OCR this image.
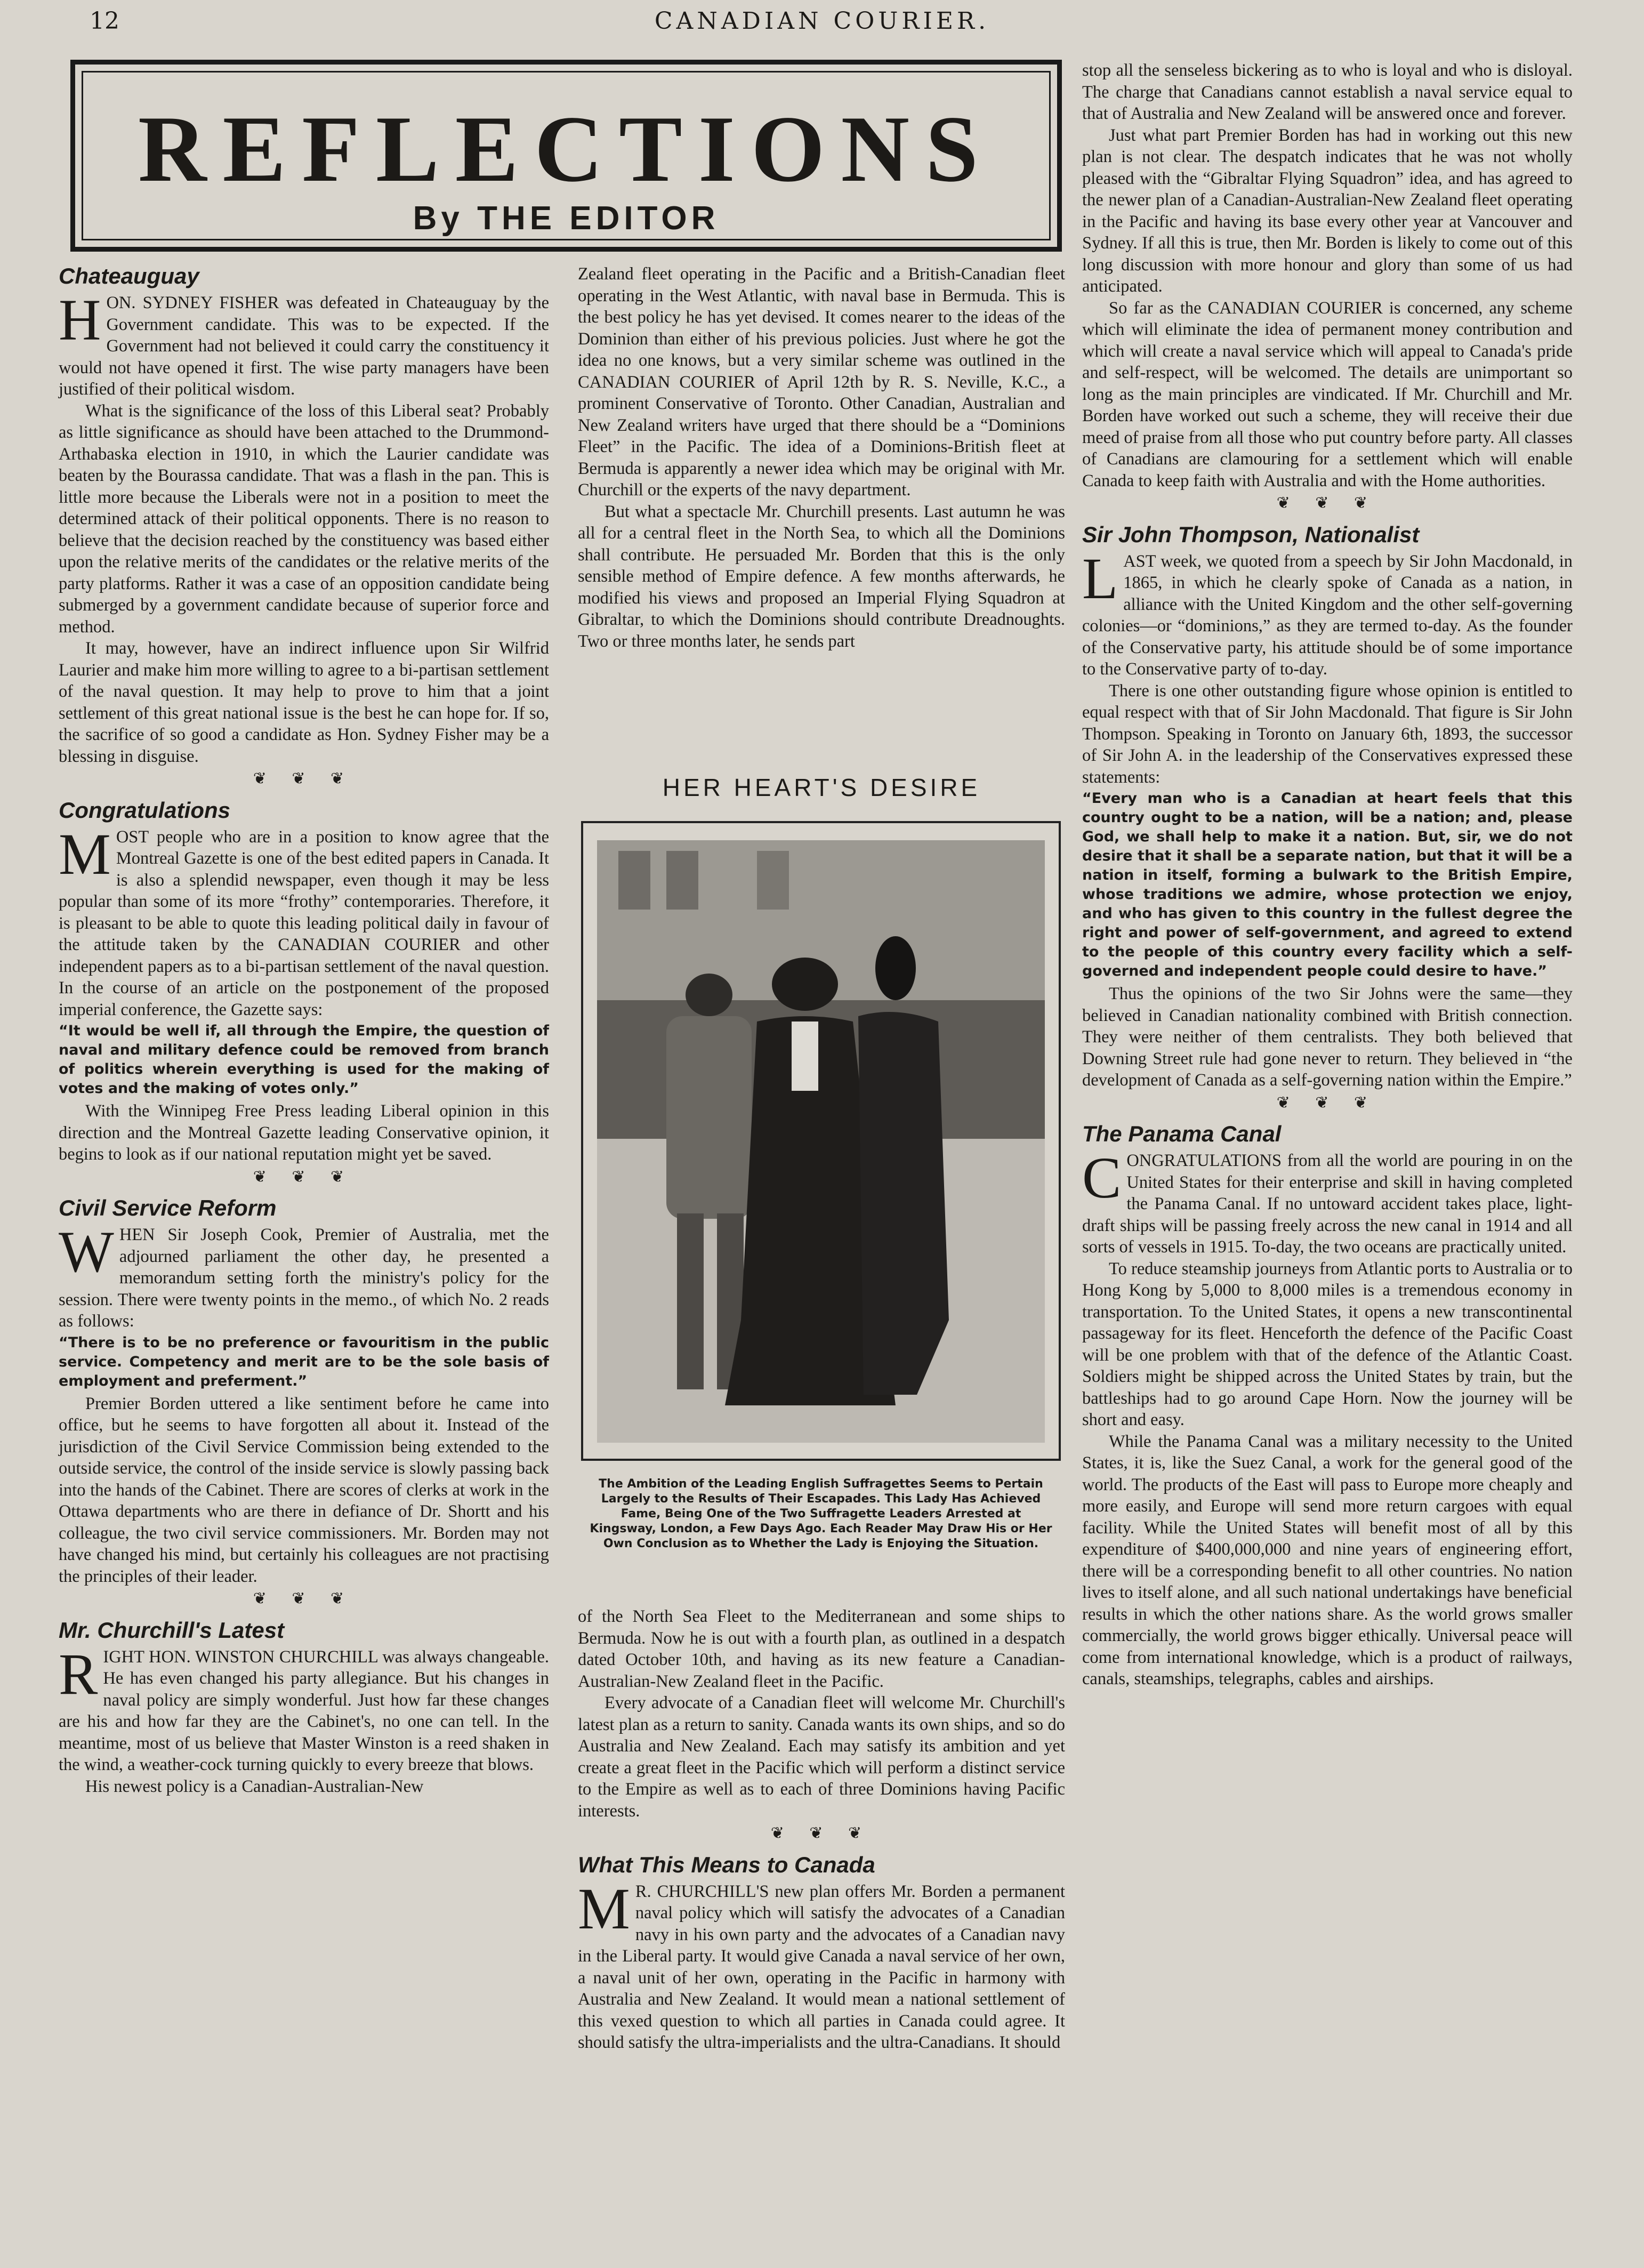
12	CANADIAN COURIER.
REFLECTIONS
By THE EDITOR
Chateauguay

HON. SYDNEY FISHER was defeated in Chateauguay by the Government candidate. This was to be expected. If the Government had not believed it could carry the constituency it would not have opened it first. The wise party managers have been justified of their political wisdom.

What is the significance of the loss of this Liberal seat? Probably as little significance as should have been attached to the Drummond-Arthabaska election in 1910, in which the Laurier candidate was beaten by the Bourassa candidate. That was a flash in the pan. This is little more because the Liberals were not in a position to meet the determined attack of their political opponents. There is no reason to believe that the decision reached by the constituency was based either upon the relative merits of the candidates or the relative merits of the party platforms. Rather it was a case of an opposition candidate being submerged by a government candidate because of superior force and method.

It may, however, have an indirect influence upon Sir Wilfrid Laurier and make him more willing to agree to a bi-partisan settlement of the naval question. It may help to prove to him that a joint settlement of this great national issue is the best he can hope for. If so, the sacrifice of so good a candidate as Hon. Sydney Fisher may be a blessing in disguise.

❦ ❦ ❦
Congratulations

MOST people who are in a position to know agree that the Montreal Gazette is one of the best edited papers in Canada. It is also a splendid newspaper, even though it may be less popular than some of its more “frothy” contemporaries. Therefore, it is pleasant to be able to quote this leading political daily in favour of the attitude taken by the CANADIAN COURIER and other independent papers as to a bi-partisan settlement of the naval question. In the course of an article on the postponement of the proposed imperial conference, the Gazette says:

“It would be well if, all through the Empire, the question of naval and military defence could be removed from branch of politics wherein everything is used for the making of votes and the making of votes only.”

With the Winnipeg Free Press leading Liberal opinion in this direction and the Montreal Gazette leading Conservative opinion, it begins to look as if our national reputation might yet be saved.

❦ ❦ ❦
Civil Service Reform

WHEN Sir Joseph Cook, Premier of Australia, met the adjourned parliament the other day, he presented a memorandum setting forth the ministry's policy for the session. There were twenty points in the memo., of which No. 2 reads as follows:

“There is to be no preference or favouritism in the public service. Competency and merit are to be the sole basis of employment and preferment.”

Premier Borden uttered a like sentiment before he came into office, but he seems to have forgotten all about it. Instead of the jurisdiction of the Civil Service Commission being extended to the outside service, the control of the inside service is slowly passing back into the hands of the Cabinet. There are scores of clerks at work in the Ottawa departments who are there in defiance of Dr. Shortt and his colleague, the two civil service commissioners. Mr. Borden may not have changed his mind, but certainly his colleagues are not practising the principles of their leader.

❦ ❦ ❦
Mr. Churchill's Latest

RIGHT HON. WINSTON CHURCHILL was always changeable. He has even changed his party allegiance. But his changes in naval policy are simply wonderful. Just how far these changes are his and how far they are the Cabinet's, no one can tell. In the meantime, most of us believe that Master Winston is a reed shaken in the wind, a weather-cock turning quickly to every breeze that blows.

His newest policy is a Canadian-Australian-New

Zealand fleet operating in the Pacific and a British-Canadian fleet operating in the West Atlantic, with naval base in Bermuda. This is the best policy he has yet devised. It comes nearer to the ideas of the Dominion than either of his previous policies. Just where he got the idea no one knows, but a very similar scheme was outlined in the CANADIAN COURIER of April 12th by R. S. Neville, K.C., a prominent Conservative of Toronto. Other Canadian, Australian and New Zealand writers have urged that there should be a “Dominions Fleet” in the Pacific. The idea of a Dominions-British fleet at Bermuda is apparently a newer idea which may be original with Mr. Churchill or the experts of the navy department.

But what a spectacle Mr. Churchill presents. Last autumn he was all for a central fleet in the North Sea, to which all the Dominions shall contribute. He persuaded Mr. Borden that this is the only sensible method of Empire defence. A few months afterwards, he modified his views and proposed an Imperial Flying Squadron at Gibraltar, to which the Dominions should contribute Dreadnoughts. Two or three months later, he sends part

HER HEART'S DESIRE
The Ambition of the Leading English Suffragettes Seems to Pertain Largely to the Results of Their Escapades. This Lady Has Achieved Fame, Being One of the Two Suffragette Leaders Arrested at Kingsway, London, a Few Days Ago. Each Reader May Draw His or Her Own Conclusion as to Whether the Lady is Enjoying the Situation.

of the North Sea Fleet to the Mediterranean and some ships to Bermuda. Now he is out with a fourth plan, as outlined in a despatch dated October 10th, and having as its new feature a Canadian-Australian-New Zealand fleet in the Pacific.

Every advocate of a Canadian fleet will welcome Mr. Churchill's latest plan as a return to sanity. Canada wants its own ships, and so do Australia and New Zealand. Each may satisfy its ambition and yet create a great fleet in the Pacific which will perform a distinct service to the Empire as well as to each of three Dominions having Pacific interests.

❦ ❦ ❦
What This Means to Canada

M R. CHURCHILL'S new plan offers Mr. Borden a permanent naval policy which will satisfy the advocates of a Canadian navy in his own party and the advocates of a Canadian navy in the Liberal party. It would give Canada a naval service of her own, a naval unit of her own, operating in the Pacific in harmony with Australia and New Zealand. It would mean a national settlement of this vexed question to which all parties in Canada could agree. It should satisfy the ultra-imperialists and the ultra-Canadians. It should

stop all the senseless bickering as to who is loyal and who is disloyal. The charge that Canadians cannot establish a naval service equal to that of Australia and New Zealand will be answered once and forever.

Just what part Premier Borden has had in working out this new plan is not clear. The despatch indicates that he was not wholly pleased with the “Gibraltar Flying Squadron” idea, and has agreed to the newer plan of a Canadian-Australian-New Zealand fleet operating in the Pacific and having its base every other year at Vancouver and Sydney. If all this is true, then Mr. Borden is likely to come out of this long discussion with more honour and glory than some of us had anticipated.

So far as the CANADIAN COURIER is concerned, any scheme which will eliminate the idea of permanent money contribution and which will create a naval service which will appeal to Canada's pride and self-respect, will be welcomed. The details are unimportant so long as the main principles are vindicated. If Mr. Churchill and Mr. Borden have worked out such a scheme, they will receive their due meed of praise from all those who put country before party. All classes of Canadians are clamouring for a settlement which will enable Canada to keep faith with Australia and with the Home authorities.

❦ ❦ ❦
Sir John Thompson, Nationalist

LAST week, we quoted from a speech by Sir John Macdonald, in 1865, in which he clearly spoke of Canada as a nation, in alliance with the United Kingdom and the other self-governing colonies—or “dominions,” as they are termed to-day. As the founder of the Conservative party, his attitude should be of some importance to the Conservative party of to-day.

There is one other outstanding figure whose opinion is entitled to equal respect with that of Sir John Macdonald. That figure is Sir John Thompson. Speaking in Toronto on January 6th, 1893, the successor of Sir John A. in the leadership of the Conservatives expressed these statements:

“Every man who is a Canadian at heart feels that this country ought to be a nation, will be a nation; and, please God, we shall help to make it a nation. But, sir, we do not desire that it shall be a separate nation, but that it will be a nation in itself, forming a bulwark to the British Empire, whose traditions we admire, whose protection we enjoy, and who has given to this country in the fullest degree the right and power of self-government, and agreed to extend to the people of this country every facility which a self-governed and independent people could desire to have.”

Thus the opinions of the two Sir Johns were the same—they believed in Canadian nationality combined with British connection. They were neither of them centralists. They both believed that Downing Street rule had gone never to return. They believed in “the development of Canada as a self-governing nation within the Empire.”

❦ ❦ ❦
The Panama Canal

CONGRATULATIONS from all the world are pouring in on the United States for their enterprise and skill in having completed the Panama Canal. If no untoward accident takes place, light-draft ships will be passing freely across the new canal in 1914 and all sorts of vessels in 1915. To-day, the two oceans are practically united.

To reduce steamship journeys from Atlantic ports to Australia or to Hong Kong by 5,000 to 8,000 miles is a tremendous economy in transportation. To the United States, it opens a new transcontinental passageway for its fleet. Henceforth the defence of the Pacific Coast will be one problem with that of the defence of the Atlantic Coast. Soldiers might be shipped across the United States by train, but the battleships had to go around Cape Horn. Now the journey will be short and easy.

While the Panama Canal was a military necessity to the United States, it is, like the Suez Canal, a work for the general good of the world. The products of the East will pass to Europe more cheaply and more easily, and Europe will send more return cargoes with equal facility. While the United States will benefit most of all by this expenditure of $400,000,000 and nine years of engineering effort, there will be a corresponding benefit to all other countries. No nation lives to itself alone, and all such national undertakings have beneficial results in which the other nations share. As the world grows smaller commercially, the world grows bigger ethically. Universal peace will come from international knowledge, which is a product of railways, canals, steamships, telegraphs, cables and airships.
